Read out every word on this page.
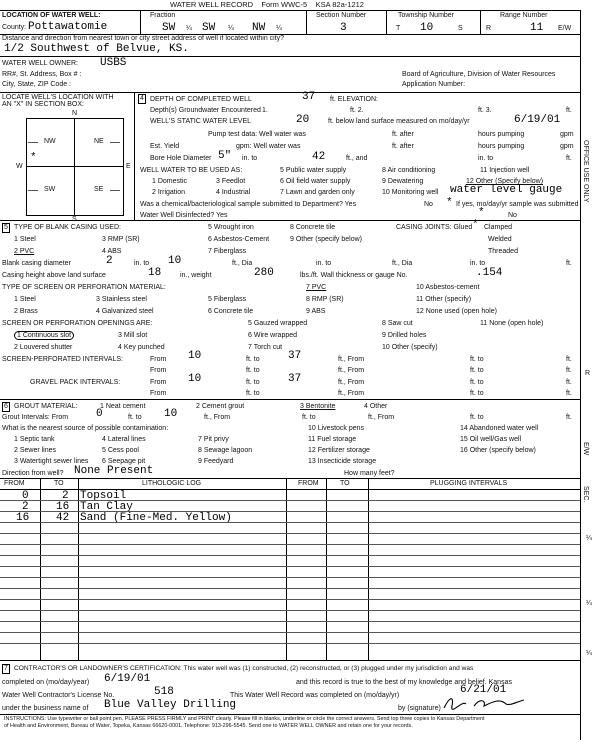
WATER WELL RECORD Form WWC-5 KSA 82a-1212
LOCATION OF WATER WELL:	Fraction	Section Number	Township Number	Range Number
County: Pottawatomie	SW ¼ SW ¼ NW ¼	3	T 10	S	R	11 E/W
Distance and direction from nearest town or city street address of well if located within city?
1/2 Southwest of Belvue, KS.
WATER WELL OWNER: USBS
RR#, St. Address, Box # :	Board of Agriculture, Division of Water Resources
City, State, ZIP Code :	Application Number:
LOCATE WELL'S LOCATION WITH
AN "X" IN SECTION BOX:
N
S
W	E
NW	NE
SW	SE
*
4 DEPTH OF COMPLETED WELL	37 ft. ELEVATION:
Depth(s) Groundwater Encountered 1.	ft. 2.	ft. 3.	ft.
WELL'S STATIC WATER LEVEL	20	ft. below land surface measured on mo/day/yr	6/19/01
Pump test data: Well water was	ft. after	hours pumping	gpm
Est. Yield	gpm: Well water was	ft. after	hours pumping	gpm
Bore Hole Diameter 5" in. to	42	ft., and	in. to	ft.
WELL WATER TO BE USED AS:	5 Public water supply	8 Air conditioning	11 Injection well
1 Domestic	3 Feedlot	6 Oil field water supply	9 Dewatering	12 Other (Specify below)
2 Irrigation	4 Industrial	7 Lawn and garden only	10 Monitoring well water level gauge
Was a chemical/bacteriological sample submitted to Department? Yes	No * If yes, mo/day/yr sample was submitted
Water Well Disinfected? Yes	*	No
5 TYPE OF BLANK CASING USED:	5 Wrought iron	8 Concrete tile	CASING JOINTS: Glued * Clamped
1 Steel	3 RMP (SR)	6 Asbestos-Cement	9 Other (specify below)	Welded
2 PVC	4 ABS	7 Fiberglass	Threaded
Blank casing diameter	2	in. to 10	ft., Dia	in. to	ft., Dia	in. to	ft.
Casing height above land surface	18	in., weight	280	lbs./ft. Wall thickness or gauge No.	.154
TYPE OF SCREEN OR PERFORATION MATERIAL:	7 PVC	10 Asbestos-cement
1 Steel	3 Stainless steel	5 Fiberglass	8 RMP (SR)	11 Other (specify)
2 Brass	4 Galvanized steel	6 Concrete tile	9 ABS	12 None used (open hole)
SCREEN OR PERFORATION OPENINGS ARE:	5 Gauzed wrapped	8 Saw cut	11 None (open hole)
1 Continuous slot	3 Mill slot	6 Wire wrapped	9 Drilled holes
2 Louvered shutter	4 Key punched	7 Torch cut	10 Other (specify)
SCREEN-PERFORATED INTERVALS:	From 10	ft. to	37	ft., From	ft. to	ft.
From	ft. to	ft., From	ft. to	ft.
GRAVEL PACK INTERVALS:	From 10	ft. to	37	ft., From	ft. to	ft.
From	ft. to	ft., From	ft. to	ft.
6 GROUT MATERIAL:	1 Neat cement	2 Cement grout	3 Bentonite	4 Other
Grout Intervals: From	0	ft. to 10	ft., From	ft. to	ft., From	ft. to	ft.
What is the nearest source of possible contamination:	10 Livestock pens	14 Abandoned water well
1 Septic tank	4 Lateral lines	7 Pit privy	11 Fuel storage	15 Oil well/Gas well
2 Sewer lines	5 Cess pool	8 Sewage lagoon	12 Fertilizer storage	16 Other (specify below)
3 Watertight sewer lines 6 Seepage pit	9 Feedyard	13 Insecticide storage
Direction from well? None Present	How many feet?
FROM	TO	LITHOLOGIC LOG	FROM	TO	PLUGGING INTERVALS
0	2 Topsoil
2 16 Tan Clay
16 42 Sand (Fine-Med. Yellow)
7 CONTRACTOR'S OR LANDOWNER'S CERTIFICATION: This water well was (1) constructed, (2) reconstructed, or (3) plugged under my jurisdiction and was
completed on (mo/day/year) 6/19/01	and this record is true to the best of my knowledge and belief. Kansas
Water Well Contractor's License No.	518	This Water Well Record was completed on (mo/day/yr)	6/21/01
under the business name of Blue Valley Drilling	by (signature)
INSTRUCTIONS: Use typewriter or ball point pen. PLEASE PRESS FIRMLY and PRINT clearly. Please fill in blanks, underline or circle the correct answers. Send top three copies to Kansas Department
of Health and Environment, Bureau of Water, Topeka, Kansas 66620-0001. Telephone: 913-296-5545. Send one to WATER WELL OWNER and retain one for your records.
OFFICE USE ONLY
R
E/W
SEC.
¼
¼
¼
